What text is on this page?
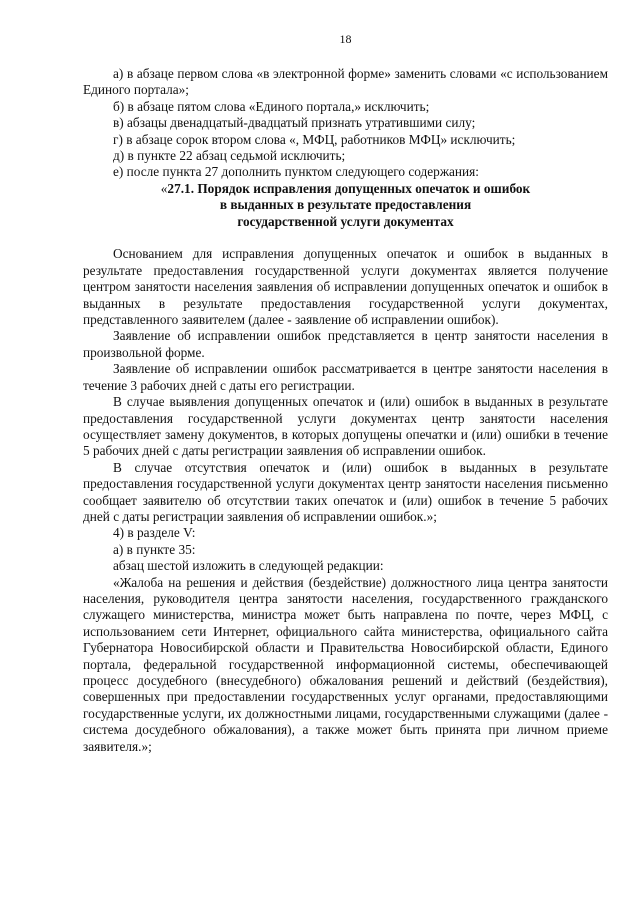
18

а) в абзаце первом слова «в электронной форме» заменить словами «с использованием Единого портала»;

б) в абзаце пятом слова «Единого портала,» исключить;

в) абзацы двенадцатый-двадцатый признать утратившими силу;

г) в абзаце сорок втором слова «, МФЦ, работников МФЦ» исключить;

д) в пункте 22 абзац седьмой исключить;

е) после пункта 27 дополнить пунктом следующего содержания:

«27.1. Порядок исправления допущенных опечаток и ошибок
в выданных в результате предоставления
государственной услуги документах

Основанием для исправления допущенных опечаток и ошибок в выданных в результате предоставления государственной услуги документах является получение центром занятости населения заявления об исправлении допущенных опечаток и ошибок в выданных в результате предоставления государственной услуги документах, представленного заявителем (далее - заявление об исправлении ошибок).

Заявление об исправлении ошибок представляется в центр занятости населения в произвольной форме.

Заявление об исправлении ошибок рассматривается в центре занятости населения в течение 3 рабочих дней с даты его регистрации.

В случае выявления допущенных опечаток и (или) ошибок в выданных в результате предоставления государственной услуги документах центр занятости населения осуществляет замену документов, в которых допущены опечатки и (или) ошибки в течение 5 рабочих дней с даты регистрации заявления об исправлении ошибок.

В случае отсутствия опечаток и (или) ошибок в выданных в результате предоставления государственной услуги документах центр занятости населения письменно сообщает заявителю об отсутствии таких опечаток и (или) ошибок в течение 5 рабочих дней с даты регистрации заявления об исправлении ошибок.»;

4) в разделе V:

а) в пункте 35:

абзац шестой изложить в следующей редакции:

«Жалоба на решения и действия (бездействие) должностного лица центра занятости населения, руководителя центра занятости населения, государственного гражданского служащего министерства, министра может быть направлена по почте, через МФЦ, с использованием сети Интернет, официального сайта министерства, официального сайта Губернатора Новосибирской области и Правительства Новосибирской области, Единого портала, федеральной государственной информационной системы, обеспечивающей процесс досудебного (внесудебного) обжалования решений и действий (бездействия), совершенных при предоставлении государственных услуг органами, предоставляющими государственные услуги, их должностными лицами, государственными служащими (далее - система досудебного обжалования), а также может быть принята при личном приеме заявителя.»;
